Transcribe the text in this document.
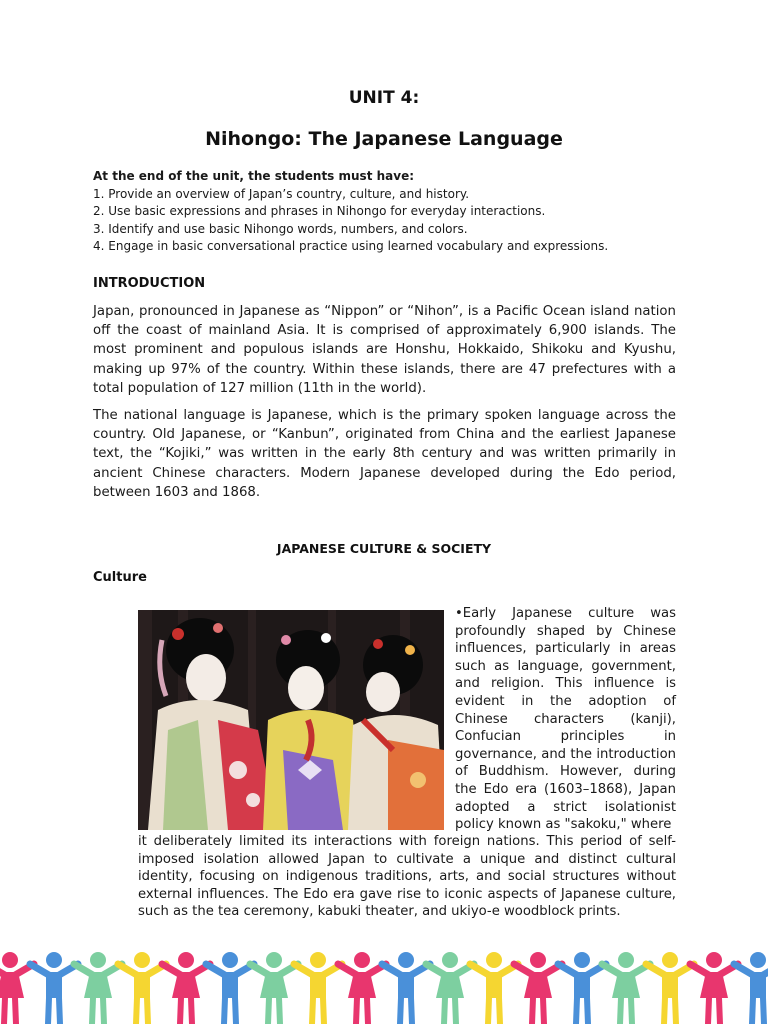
UNIT 4:
Nihongo: The Japanese Language
At the end of the unit, the students must have:
1. Provide an overview of Japan’s country, culture, and history.
2. Use basic expressions and phrases in Nihongo for everyday interactions.
3. Identify and use basic Nihongo words, numbers, and colors.
4. Engage in basic conversational practice using learned vocabulary and expressions.
INTRODUCTION
Japan, pronounced in Japanese as “Nippon” or “Nihon”, is a Pacific Ocean island nation off the coast of mainland Asia. It is comprised of approximately 6,900 islands. The most prominent and populous islands are Honshu, Hokkaido, Shikoku and Kyushu, making up 97% of the country. Within these islands, there are 47 prefectures with a total population of 127 million (11th in the world).
The national language is Japanese, which is the primary spoken language across the country. Old Japanese, or “Kanbun”, originated from China and the earliest Japanese text, the “Kojiki,” was written in the early 8th century and was written primarily in ancient Chinese characters. Modern Japanese developed during the Edo period, between 1603 and 1868.
JAPANESE CULTURE & SOCIETY
Culture
•Early Japanese culture was profoundly shaped by Chinese influences, particularly in areas such as language, government, and religion. This influence is evident in the adoption of Chinese characters (kanji), Confucian principles in governance, and the introduction of Buddhism. However, during the Edo era (1603–1868), Japan adopted a strict isolationist policy known as "sakoku," where
it deliberately limited its interactions with foreign nations. This period of self-imposed isolation allowed Japan to cultivate a unique and distinct cultural identity, focusing on indigenous traditions, arts, and social structures without external influences. The Edo era gave rise to iconic aspects of Japanese culture, such as the tea ceremony, kabuki theater, and ukiyo-e woodblock prints.
